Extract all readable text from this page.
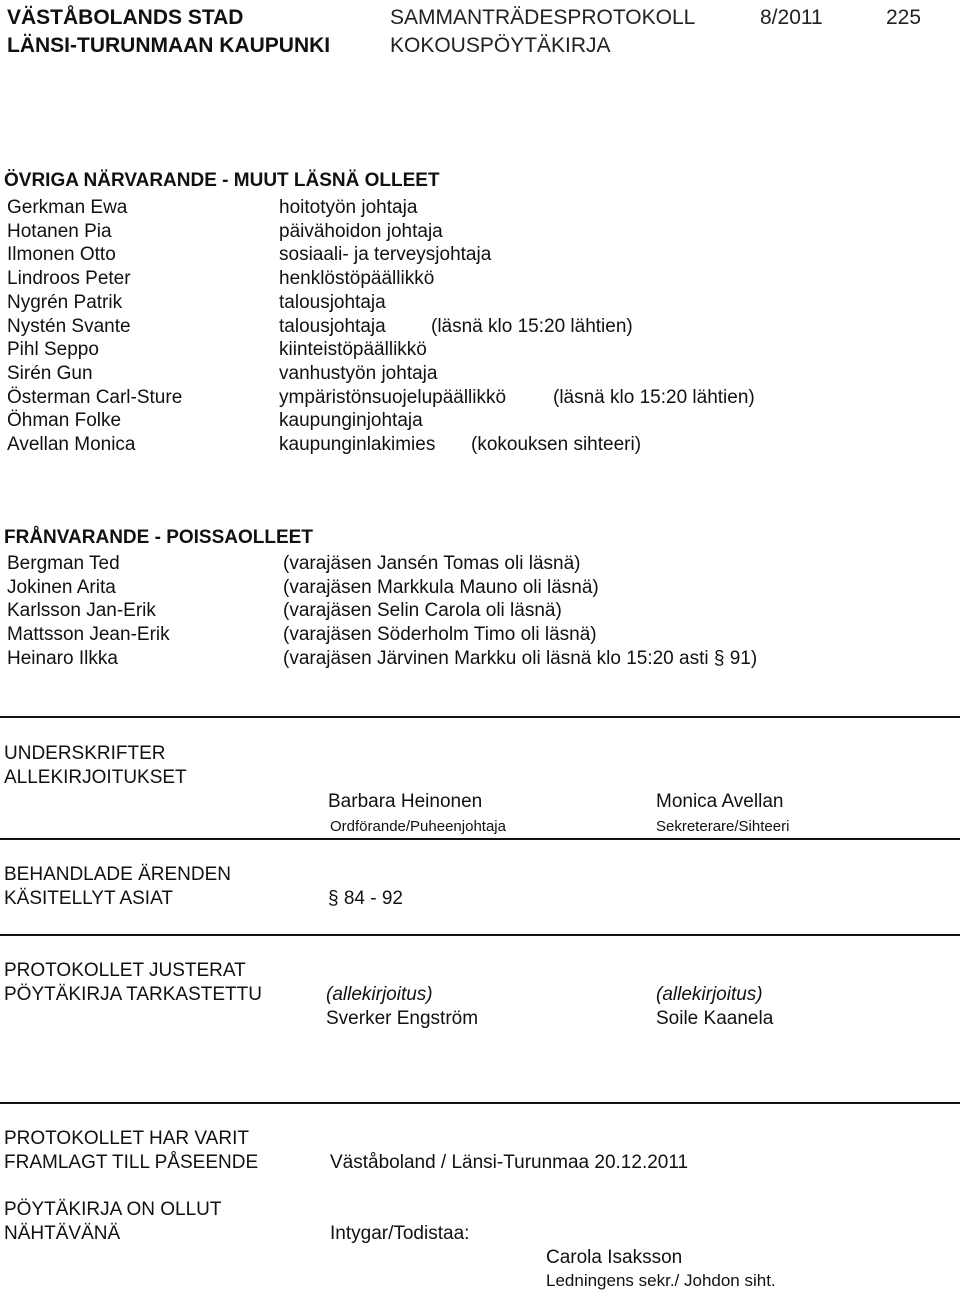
VÄSTÅBOLANDS STAD
LÄNSI-TURUNMAAN KAUPUNKI
SAMMANTRÄDESPROTOKOLL
KOKOUSPÖYTÄKIRJA
8/2011	225
ÖVRIGA NÄRVARANDE - MUUT LÄSNÄ OLLEET
Gerkman Ewa	hoitotyön johtaja
Hotanen Pia	päivähoidon johtaja
Ilmonen Otto	sosiaali- ja terveysjohtaja
Lindroos Peter	henklöstöpäällikkö
Nygrén Patrik	talousjohtaja
Nystén Svante	talousjohtaja (läsnä klo 15:20 lähtien)
Pihl Seppo	kiinteistöpäällikkö
Sirén Gun	vanhustyön johtaja
Österman Carl-Sture	ympäristönsuojelupäällikkö (läsnä klo 15:20 lähtien)
Öhman Folke	kaupunginjohtaja
Avellan Monica	kaupunginlakimies (kokouksen sihteeri)
FRÅNVARANDE - POISSAOLLEET
Bergman Ted	(varajäsen Jansén Tomas oli läsnä)
Jokinen Arita	(varajäsen Markkula Mauno oli läsnä)
Karlsson Jan-Erik	(varajäsen Selin Carola oli läsnä)
Mattsson Jean-Erik	(varajäsen Söderholm Timo oli läsnä)
Heinaro Ilkka	(varajäsen Järvinen Markku oli läsnä klo 15:20 asti § 91)
UNDERSKRIFTER
ALLEKIRJOITUKSET
Barbara Heinonen
Ordförande/Puheenjohtaja
Monica Avellan
Sekreterare/Sihteeri
BEHANDLADE ÄRENDEN
KÄSITELLYT ASIAT	§ 84 - 92
PROTOKOLLET JUSTERAT
PÖYTÄKIRJA TARKASTETTU	(allekirjoitus)	(allekirjoitus)
Sverker Engström	Soile Kaanela
PROTOKOLLET HAR VARIT
FRAMLAGT TILL PÅSEENDE	Väståboland / Länsi-Turunmaa 20.12.2011
PÖYTÄKIRJA ON OLLUT
NÄHTÄVÄNÄ	Intygar/Todistaa:
Carola Isaksson
Ledningens sekr./ Johdon siht.
